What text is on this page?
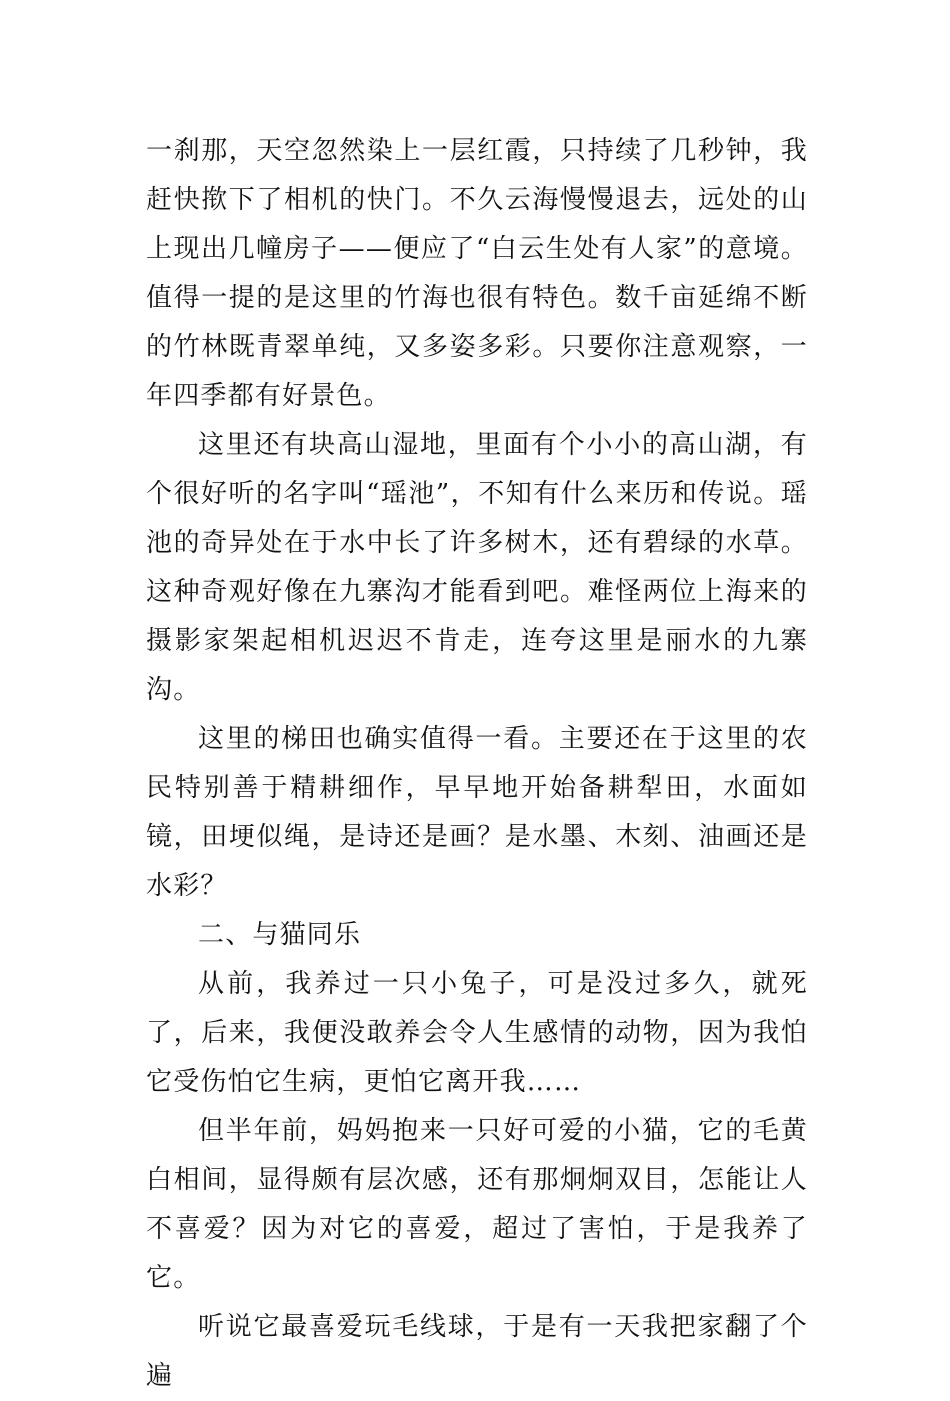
一刹那，天空忽然染上一层红霞，只持续了几秒钟，我赶快揿下了相机的快门。不久云海慢慢退去，远处的山上现出几幢房子——便应了“白云生处有人家”的意境。值得一提的是这里的竹海也很有特色。数千亩延绵不断的竹林既青翠单纯，又多姿多彩。只要你注意观察，一年四季都有好景色。

这里还有块高山湿地，里面有个小小的高山湖，有个很好听的名字叫“瑶池”，不知有什么来历和传说。瑶池的奇异处在于水中长了许多树木，还有碧绿的水草。这种奇观好像在九寨沟才能看到吧。难怪两位上海来的摄影家架起相机迟迟不肯走，连夸这里是丽水的九寨沟。

这里的梯田也确实值得一看。主要还在于这里的农民特别善于精耕细作，早早地开始备耕犁田，水面如镜，田埂似绳，是诗还是画？是水墨、木刻、油画还是水彩？

二、与猫同乐

从前，我养过一只小兔子，可是没过多久，就死了，后来，我便没敢养会令人生感情的动物，因为我怕它受伤怕它生病，更怕它离开我……

但半年前，妈妈抱来一只好可爱的小猫，它的毛黄白相间，显得颇有层次感，还有那炯炯双目，怎能让人不喜爱？因为对它的喜爱，超过了害怕，于是我养了它。

听说它最喜爱玩毛线球，于是有一天我把家翻了个遍
